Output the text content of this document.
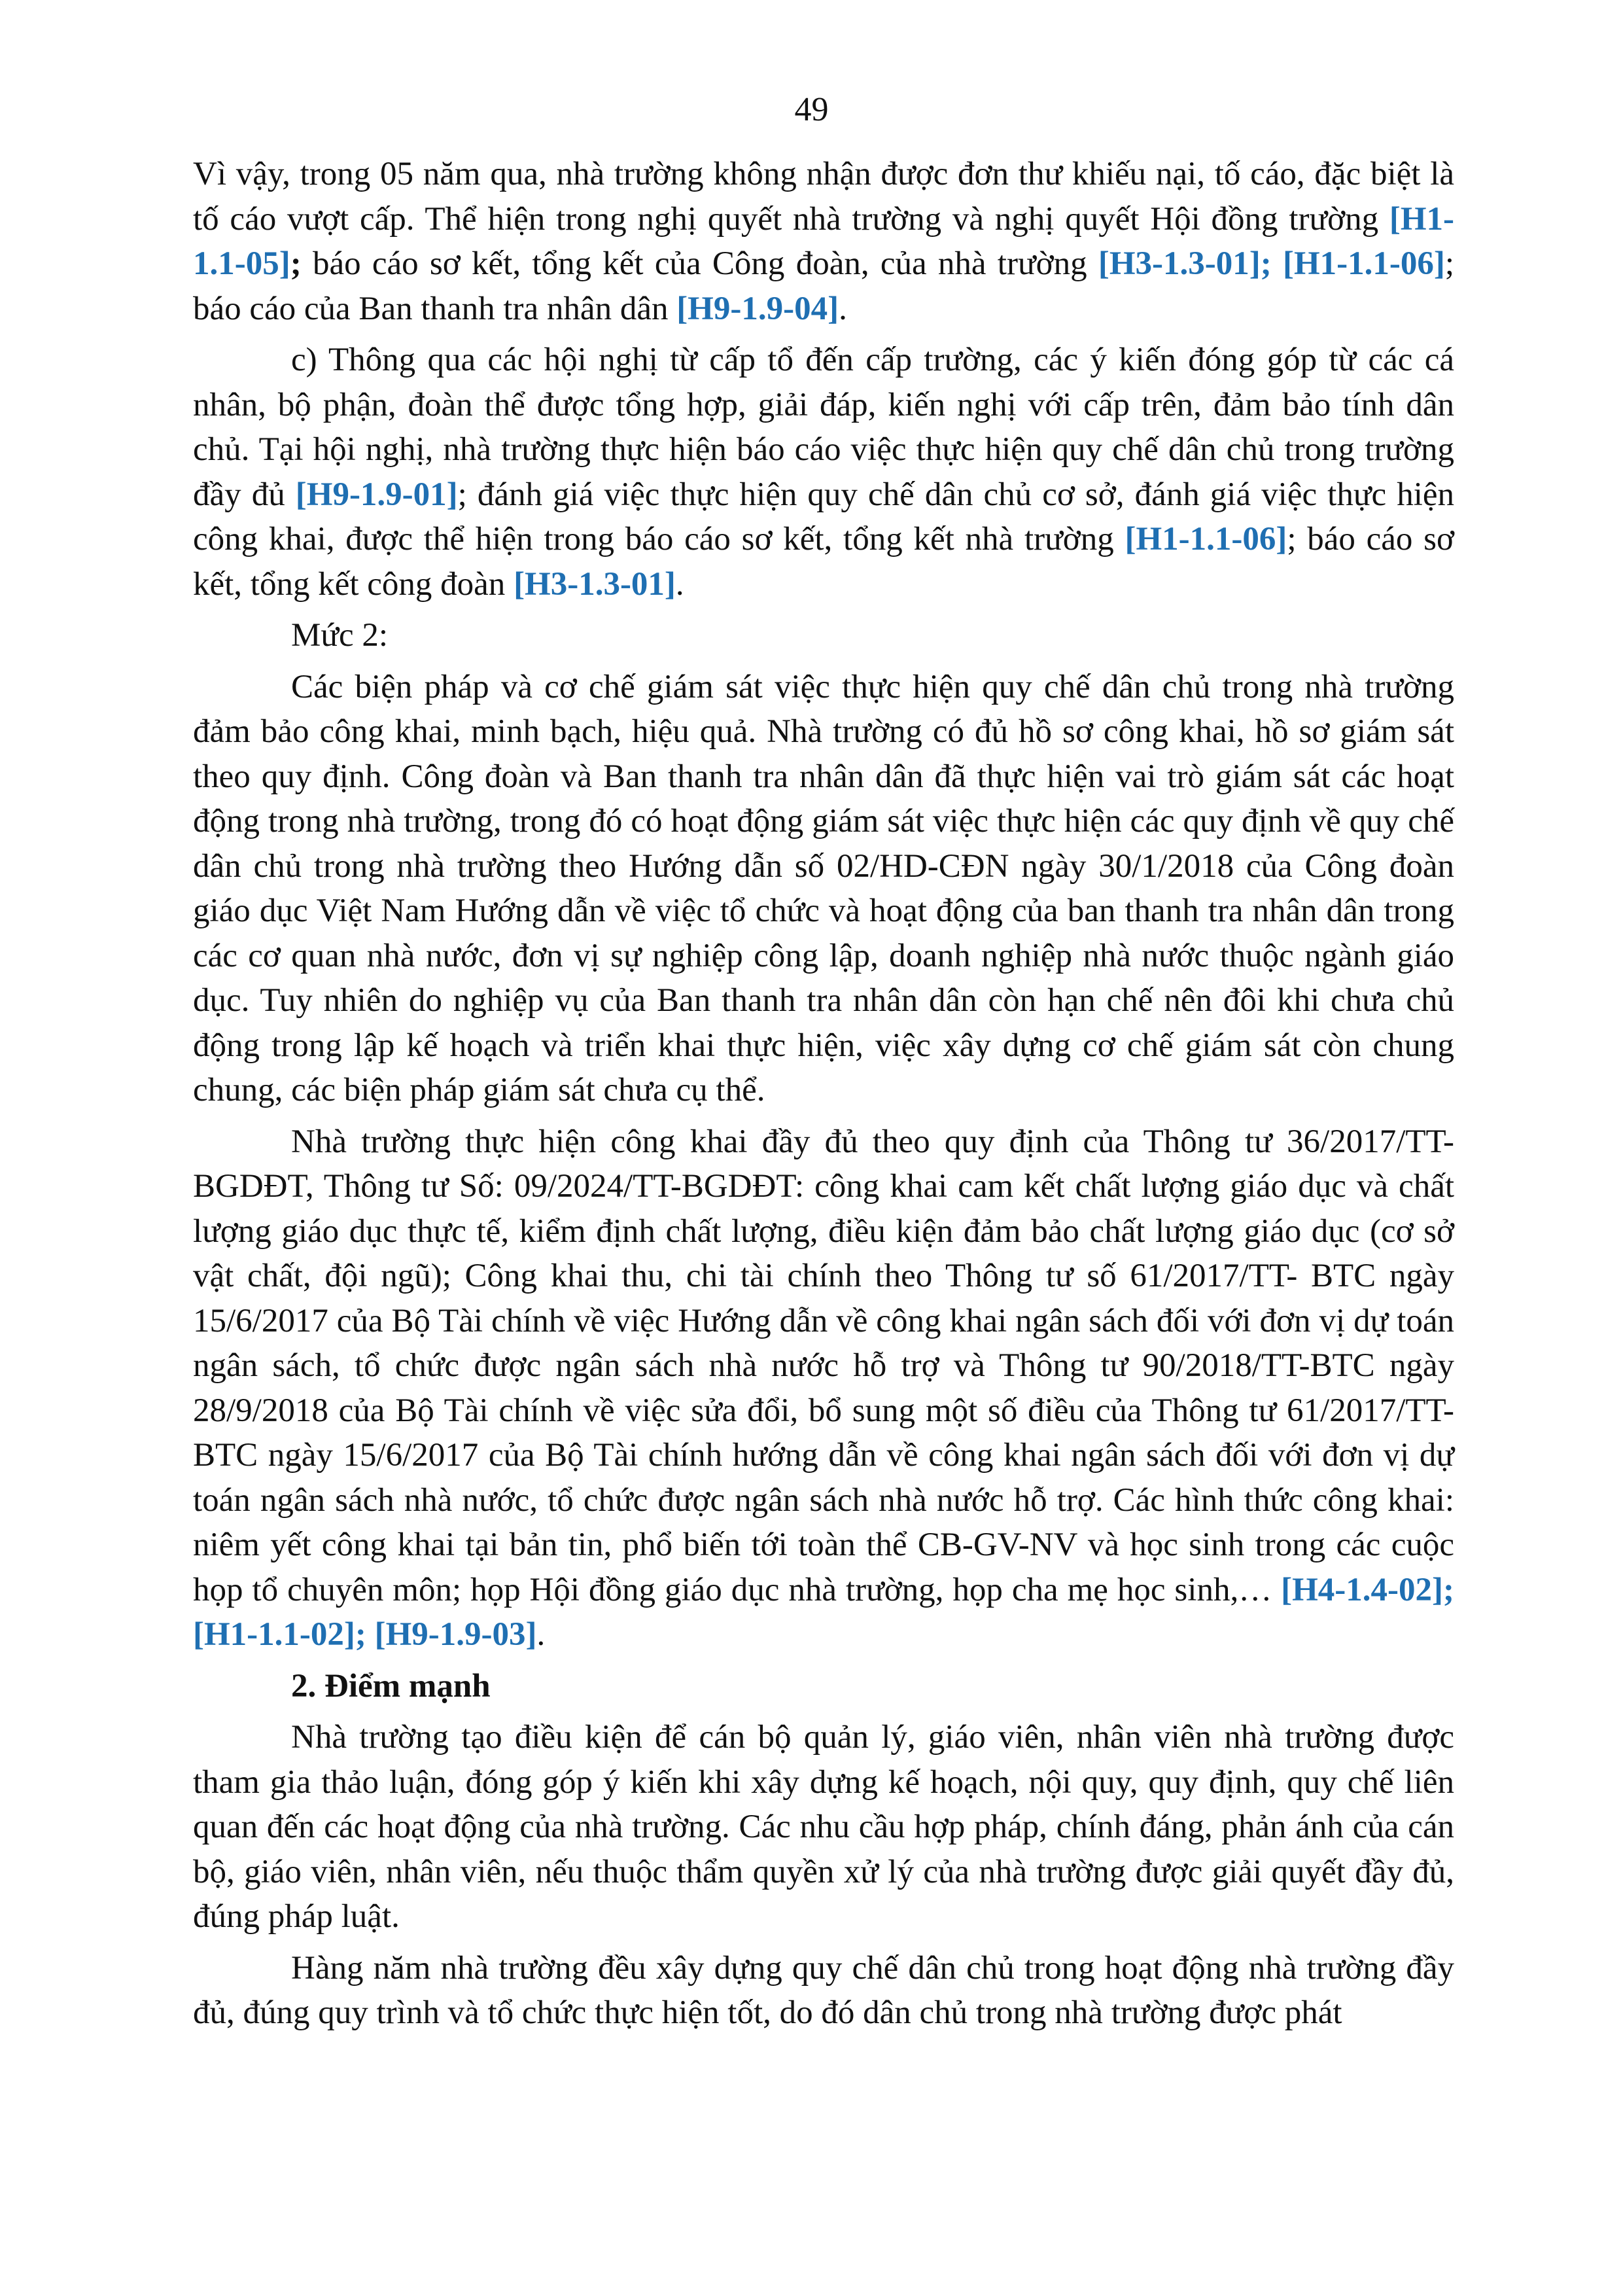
49

Vì vậy, trong 05 năm qua, nhà trường không nhận được đơn thư khiếu nại, tố cáo, đặc biệt là tố cáo vượt cấp. Thể hiện trong nghị quyết nhà trường và nghị quyết Hội đồng trường [H1-1.1-05]; báo cáo sơ kết, tổng kết của Công đoàn, của nhà trường [H3-1.3-01]; [H1-1.1-06]; báo cáo của Ban thanh tra nhân dân [H9-1.9-04].

c) Thông qua các hội nghị từ cấp tổ đến cấp trường, các ý kiến đóng góp từ các cá nhân, bộ phận, đoàn thể được tổng hợp, giải đáp, kiến nghị với cấp trên, đảm bảo tính dân chủ. Tại hội nghị, nhà trường thực hiện báo cáo việc thực hiện quy chế dân chủ trong trường đầy đủ [H9-1.9-01]; đánh giá việc thực hiện quy chế dân chủ cơ sở, đánh giá việc thực hiện công khai, được thể hiện trong báo cáo sơ kết, tổng kết nhà trường [H1-1.1-06]; báo cáo sơ kết, tổng kết công đoàn [H3-1.3-01].

Mức 2:

Các biện pháp và cơ chế giám sát việc thực hiện quy chế dân chủ trong nhà trường đảm bảo công khai, minh bạch, hiệu quả. Nhà trường có đủ hồ sơ công khai, hồ sơ giám sát theo quy định. Công đoàn và Ban thanh tra nhân dân đã thực hiện vai trò giám sát các hoạt động trong nhà trường, trong đó có hoạt động giám sát việc thực hiện các quy định về quy chế dân chủ trong nhà trường theo Hướng dẫn số 02/HD-CĐN ngày 30/1/2018 của Công đoàn giáo dục Việt Nam Hướng dẫn về việc tổ chức và hoạt động của ban thanh tra nhân dân trong các cơ quan nhà nước, đơn vị sự nghiệp công lập, doanh nghiệp nhà nước thuộc ngành giáo dục. Tuy nhiên do nghiệp vụ của Ban thanh tra nhân dân còn hạn chế nên đôi khi chưa chủ động trong lập kế hoạch và triển khai thực hiện, việc xây dựng cơ chế giám sát còn chung chung, các biện pháp giám sát chưa cụ thể.

Nhà trường thực hiện công khai đầy đủ theo quy định của Thông tư 36/2017/TT-BGDĐT, Thông tư Số: 09/2024/TT-BGDĐT: công khai cam kết chất lượng giáo dục và chất lượng giáo dục thực tế, kiểm định chất lượng, điều kiện đảm bảo chất lượng giáo dục (cơ sở vật chất, đội ngũ); Công khai thu, chi tài chính theo Thông tư số 61/2017/TT- BTC ngày 15/6/2017 của Bộ Tài chính về việc Hướng dẫn về công khai ngân sách đối với đơn vị dự toán ngân sách, tổ chức được ngân sách nhà nước hỗ trợ và Thông tư 90/2018/TT-BTC ngày 28/9/2018 của Bộ Tài chính về việc sửa đổi, bổ sung một số điều của Thông tư 61/2017/TT-BTC ngày 15/6/2017 của Bộ Tài chính hướng dẫn về công khai ngân sách đối với đơn vị dự toán ngân sách nhà nước, tổ chức được ngân sách nhà nước hỗ trợ. Các hình thức công khai: niêm yết công khai tại bản tin, phổ biến tới toàn thể CB-GV-NV và học sinh trong các cuộc họp tổ chuyên môn; họp Hội đồng giáo dục nhà trường, họp cha mẹ học sinh,… [H4-1.4-02]; [H1-1.1-02]; [H9-1.9-03].

2. Điểm mạnh

Nhà trường tạo điều kiện để cán bộ quản lý, giáo viên, nhân viên nhà trường được tham gia thảo luận, đóng góp ý kiến khi xây dựng kế hoạch, nội quy, quy định, quy chế liên quan đến các hoạt động của nhà trường. Các nhu cầu hợp pháp, chính đáng, phản ánh của cán bộ, giáo viên, nhân viên, nếu thuộc thẩm quyền xử lý của nhà trường được giải quyết đầy đủ, đúng pháp luật.

Hàng năm nhà trường đều xây dựng quy chế dân chủ trong hoạt động nhà trường đầy đủ, đúng quy trình và tổ chức thực hiện tốt, do đó dân chủ trong nhà trường được phát
